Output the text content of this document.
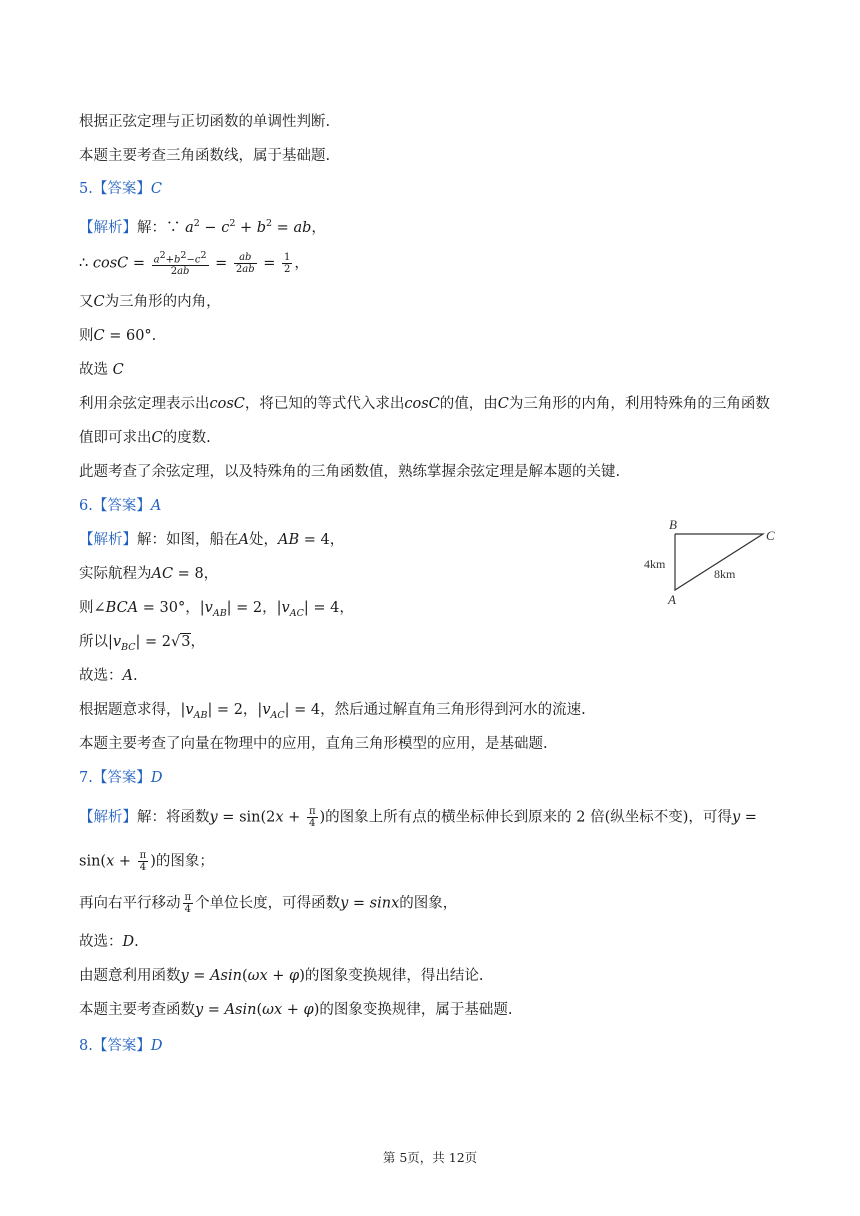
根据正弦定理与正切函数的单调性判断.
本题主要考查三角函数线，属于基础题.
5.【答案】C
【解析】解：∵ $a^2 - c^2 + b^2$ = ab，
∴ $\cos C = \frac{a^2+b^2-c^2}{2ab} = \frac{ab}{2ab} = \frac{1}{2}$ ，
又C为三角形的内角，
则C = 60°.
故选 C
利用余弦定理表示出cosC，将已知的等式代入求出cosC的值，由C为三角形的内角，利用特殊角的三角函数
值即可求出C的度数.
此题考查了余弦定理，以及特殊角的三角函数值，熟练掌握余弦定理是解本题的关键.
6.【答案】A
【解析】解：如图，船在A处，AB = 4，
实际航程为AC = 8，
则∠BCA = 30°，$|v_{AB}| = 2$，$|v_{AC}| = 4$，
所以$|v_{BC}| = 2√3$，
故选：A.
根据题意求得，$|v_{AB}| = 2$，$|v_{AC}| = 4$，然后通过解直角三角形得到河水的流速.
本题主要考查了向量在物理中的应用，直角三角形模型的应用，是基础题.
B
C
A
4km
8km
7.【答案】D
【解析】解：将函数$y = \sin(2x + \frac{\pi}{4}$ )的图象上所有点的横坐标伸长到原来的 2 倍(纵坐标不变)，可得y =
$\sin(x + \frac{\pi}{4}$ )的图象；
再向右平行移动 $\frac{\pi}{4}$ 个单位长度，可得函数y = sinx的图象，
故选：D.
由题意利用函数y = Asin(ωx + φ)的图象变换规律，得出结论.
本题主要考查函数y = Asin(ωx + φ)的图象变换规律，属于基础题.
8.【答案】D
第 5页，共 12页
